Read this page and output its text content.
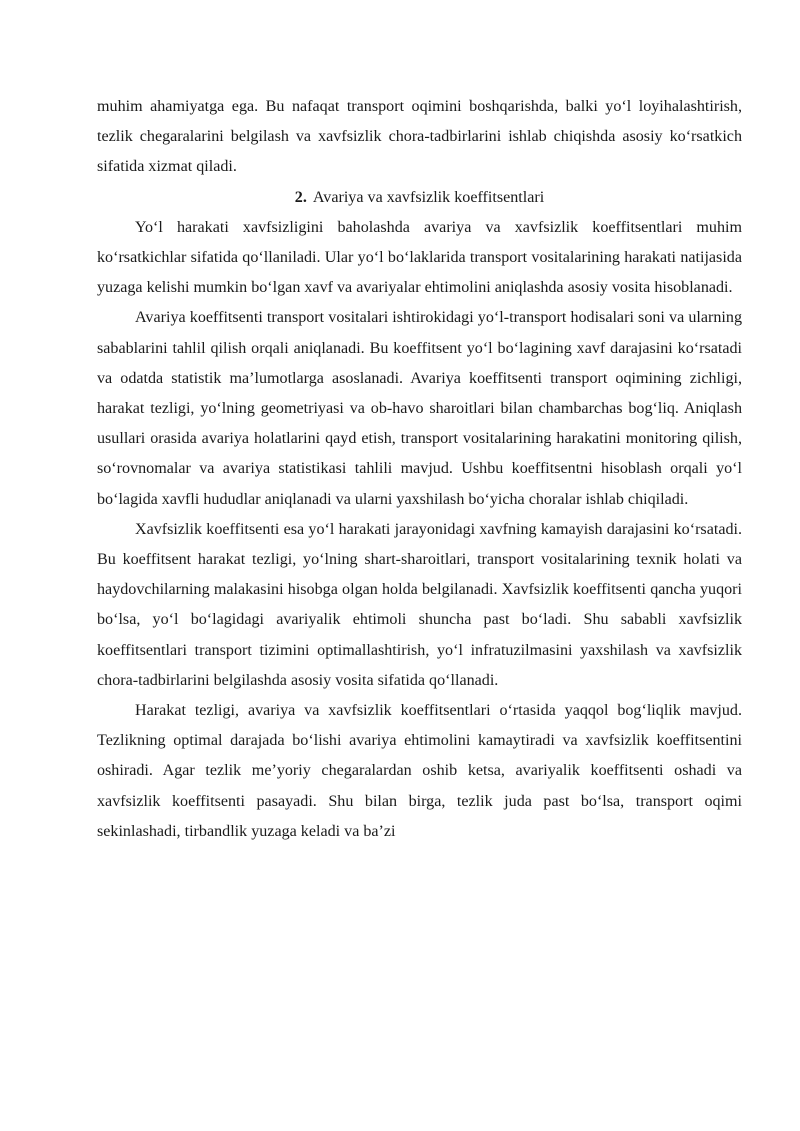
muhim ahamiyatga ega. Bu nafaqat transport oqimini boshqarishda, balki yo‘l loyihalashtirish, tezlik chegaralarini belgilash va xavfsizlik chora-tadbirlarini ishlab chiqishda asosiy ko‘rsatkich sifatida xizmat qiladi.

2. Avariya va xavfsizlik koeffitsentlari

Yo‘l harakati xavfsizligini baholashda avariya va xavfsizlik koeffitsentlari muhim ko‘rsatkichlar sifatida qo‘llaniladi. Ular yo‘l bo‘laklarida transport vositalarining harakati natijasida yuzaga kelishi mumkin bo‘lgan xavf va avariyalar ehtimolini aniqlashda asosiy vosita hisoblanadi.

Avariya koeffitsenti transport vositalari ishtirokidagi yo‘l-transport hodisalari soni va ularning sabablarini tahlil qilish orqali aniqlanadi. Bu koeffitsent yo‘l bo‘lagining xavf darajasini ko‘rsatadi va odatda statistik ma’lumotlarga asoslanadi. Avariya koeffitsenti transport oqimining zichligi, harakat tezligi, yo‘lning geometriyasi va ob-havo sharoitlari bilan chambarchas bog‘liq. Aniqlash usullari orasida avariya holatlarini qayd etish, transport vositalarining harakatini monitoring qilish, so‘rovnomalar va avariya statistikasi tahlili mavjud. Ushbu koeffitsentni hisoblash orqali yo‘l bo‘lagida xavfli hududlar aniqlanadi va ularni yaxshilash bo‘yicha choralar ishlab chiqiladi.

Xavfsizlik koeffitsenti esa yo‘l harakati jarayonidagi xavfning kamayish darajasini ko‘rsatadi. Bu koeffitsent harakat tezligi, yo‘lning shart-sharoitlari, transport vositalarining texnik holati va haydovchilarning malakasini hisobga olgan holda belgilanadi. Xavfsizlik koeffitsenti qancha yuqori bo‘lsa, yo‘l bo‘lagidagi avariyalik ehtimoli shuncha past bo‘ladi. Shu sababli xavfsizlik koeffitsentlari transport tizimini optimallashtirish, yo‘l infratuzilmasini yaxshilash va xavfsizlik chora-tadbirlarini belgilashda asosiy vosita sifatida qo‘llanadi.

Harakat tezligi, avariya va xavfsizlik koeffitsentlari o‘rtasida yaqqol bog‘liqlik mavjud. Tezlikning optimal darajada bo‘lishi avariya ehtimolini kamaytiradi va xavfsizlik koeffitsentini oshiradi. Agar tezlik me’yoriy chegaralardan oshib ketsa, avariyalik koeffitsenti oshadi va xavfsizlik koeffitsenti pasayadi. Shu bilan birga, tezlik juda past bo‘lsa, transport oqimi sekinlashadi, tirbandlik yuzaga keladi va ba’zi
